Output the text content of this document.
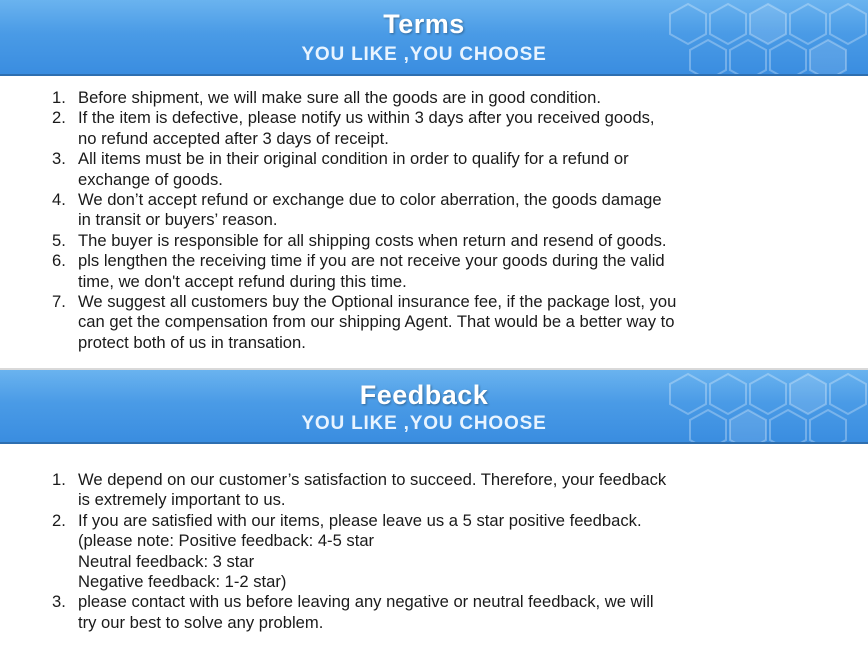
Terms
YOU LIKE ,YOU CHOOSE
1. Before shipment, we will make sure all the goods are in good condition.
2. If the item is defective, please notify us within 3 days after you received goods,
no refund accepted after 3 days of receipt.
3. All items must be in their original condition in order to qualify for a refund or
exchange of goods.
4. We don’t accept refund or exchange due to color aberration, the goods damage
in transit or buyers’ reason.
5. The buyer is responsible for all shipping costs when return and resend of goods.
6. pls lengthen the receiving time if you are not receive your goods during the valid
time, we don't accept refund during this time.
7. We suggest all customers buy the Optional insurance fee, if the package lost, you
can get the compensation from our shipping Agent. That would be a better way to
protect both of us in transation.
Feedback
YOU LIKE ,YOU CHOOSE
1. We depend on our customer’s satisfaction to succeed. Therefore, your feedback
is extremely important to us.
2. If you are satisfied with our items, please leave us a 5 star positive feedback.
(please note: Positive feedback: 4-5 star
Neutral feedback: 3 star
Negative feedback: 1-2 star)
3. please contact with us before leaving any negative or neutral feedback, we will
try our best to solve any problem.
